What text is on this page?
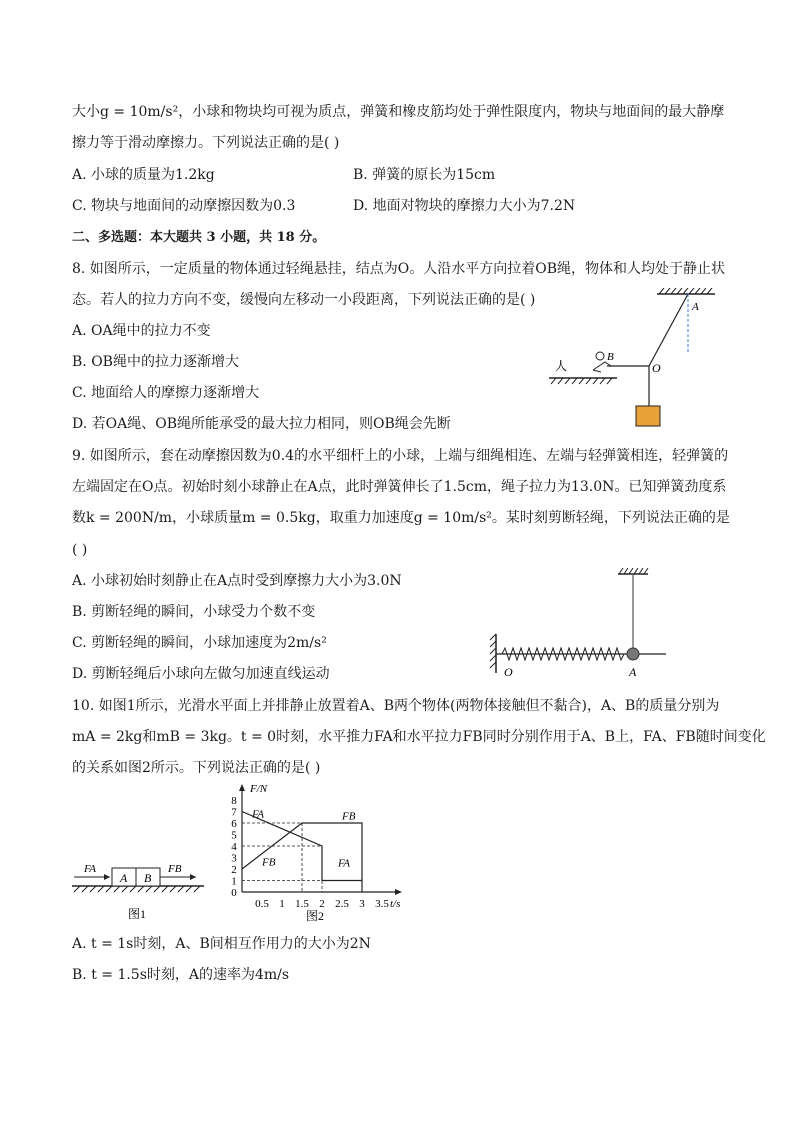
大小g = 10m/s²，小球和物块均可视为质点，弹簧和橡皮筋均处于弹性限度内，物块与地面间的最大静摩
擦力等于滑动摩擦力。下列说法正确的是( )
A. 小球的质量为1.2kg	B. 弹簧的原长为15cm
C. 物块与地面间的动摩擦因数为0.3	D. 地面对物块的摩擦力大小为7.2N
二、多选题：本大题共 3 小题，共 18 分。
8. 如图所示，一定质量的物体通过轻绳悬挂，结点为O。人沿水平方向拉着OB绳，物体和人均处于静止状
态。若人的拉力方向不变，缓慢向左移动一小段距离，下列说法正确的是( )
A. OA绳中的拉力不变
B. OB绳中的拉力逐渐增大
C. 地面给人的摩擦力逐渐增大
D. 若OA绳、OB绳所能承受的最大拉力相同，则OB绳会先断
A
O
B
人
9. 如图所示，套在动摩擦因数为0.4的水平细杆上的小球，上端与细绳相连、左端与轻弹簧相连，轻弹簧的
左端固定在O点。初始时刻小球静止在A点，此时弹簧伸长了1.5cm，绳子拉力为13.0N。已知弹簧劲度系
数k = 200N/m，小球质量m = 0.5kg，取重力加速度g = 10m/s²。某时刻剪断轻绳，下列说法正确的是
( )
A. 小球初始时刻静止在A点时受到摩擦力大小为3.0N
B. 剪断轻绳的瞬间，小球受力个数不变
C. 剪断轻绳的瞬间，小球加速度为2m/s²
D. 剪断轻绳后小球向左做匀加速直线运动	O	A
10. 如图1所示，光滑水平面上并排静止放置着A、B两个物体(两物体接触但不黏合)，A、B的质量分别为
mA = 2kg和mB = 3kg。t = 0时刻，水平推力FA和水平拉力FB同时分别作用于A、B上，FA、FB随时间变化
的关系如图2所示。下列说法正确的是( )
A B
FA	FB
图1
F/N
t/s
0
1
2
3
4
5
6
7
8
0.5 1 1.5 2 2.5 3 3.5
图2
FA	FB
FB	FA
A. t = 1s时刻，A、B间相互作用力的大小为2N
B. t = 1.5s时刻，A的速率为4m/s
